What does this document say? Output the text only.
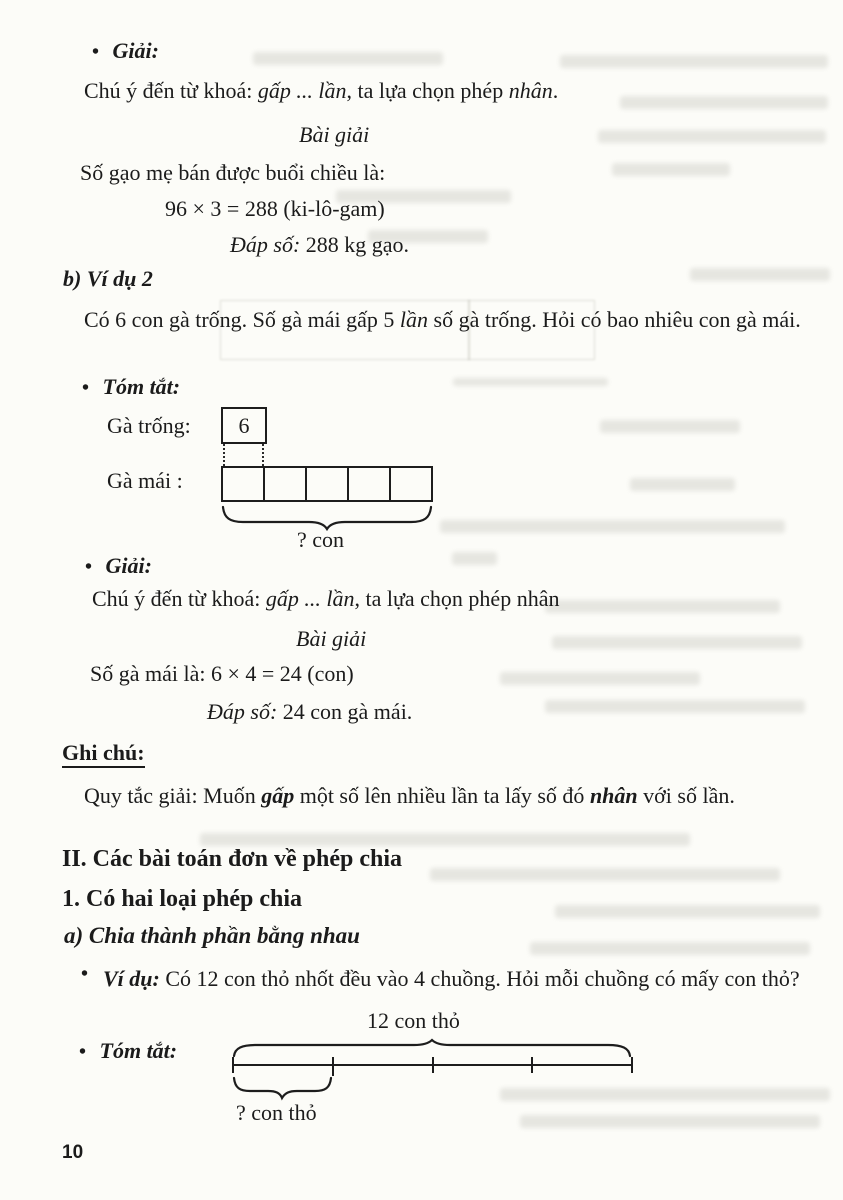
• Giải:
Chú ý đến từ khoá: gấp ... lần, ta lựa chọn phép nhân.
Bài giải
Số gạo mẹ bán được buổi chiều là:
96 × 3 = 288 (ki-lô-gam)
Đáp số: 288 kg gạo.
b) Ví dụ 2
Có 6 con gà trống. Số gà mái gấp 5 lần số gà trống. Hỏi có bao nhiêu con gà mái.
• Tóm tắt:
Gà trống:	6
Gà mái :
? con
• Giải:
Chú ý đến từ khoá: gấp ... lần, ta lựa chọn phép nhân
Bài giải
Số gà mái là: 6 × 4 = 24 (con)
Đáp số: 24 con gà mái.
Ghi chú:
Quy tắc giải: Muốn gấp một số lên nhiều lần ta lấy số đó nhân với số lần.
II. Các bài toán đơn về phép chia
1. Có hai loại phép chia
a) Chia thành phần bằng nhau
• Ví dụ: Có 12 con thỏ nhốt đều vào 4 chuồng. Hỏi mỗi chuồng có mấy con thỏ?
12 con thỏ
• Tóm tắt:
? con thỏ
10
